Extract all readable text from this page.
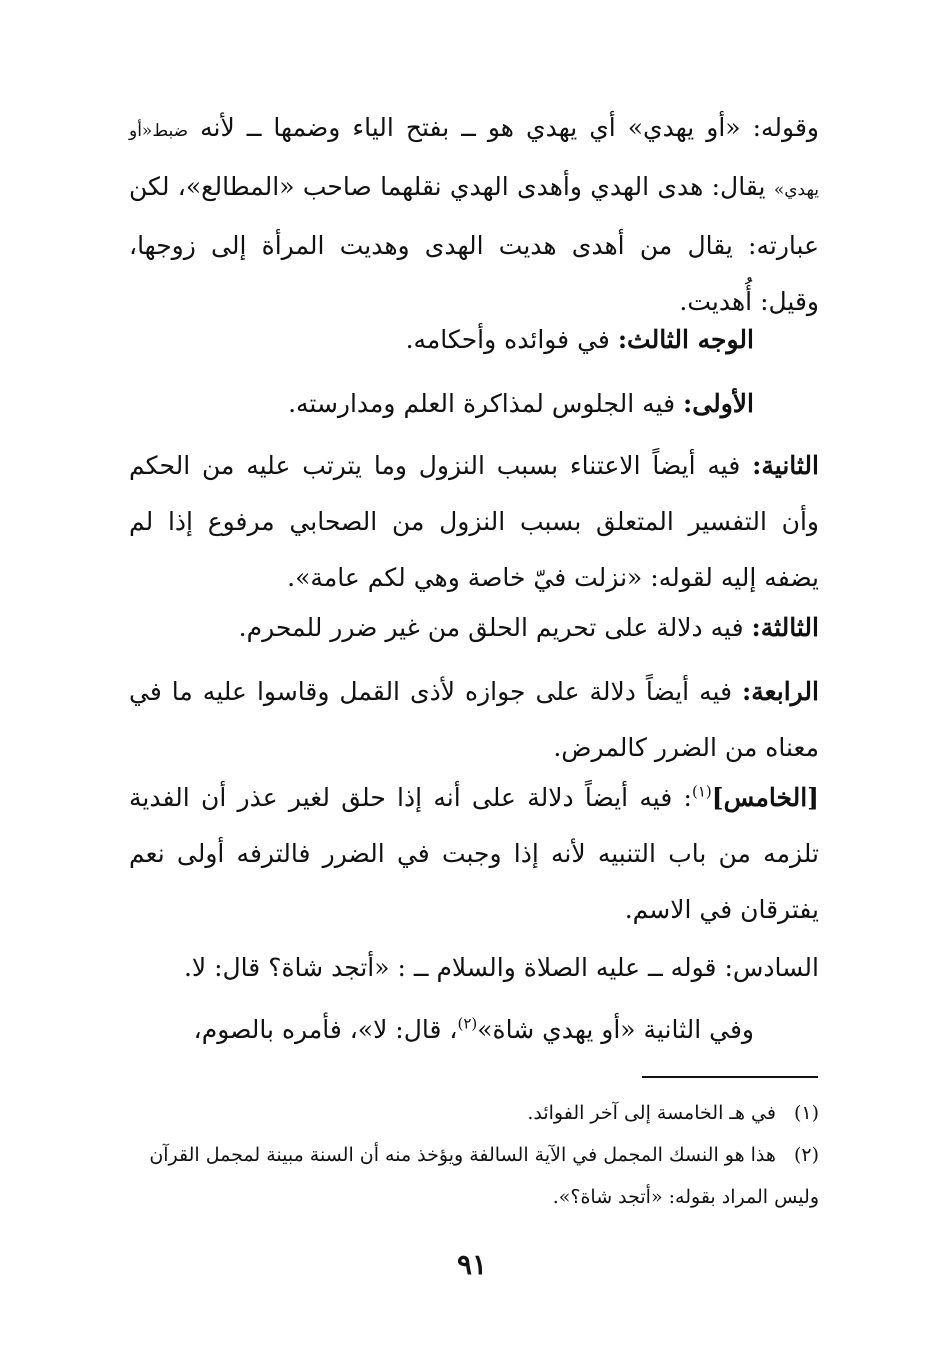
وقوله: «أو يهدي» أي يهدي هو ــ بفتح الياء وضمها ــ لأنه ضبط«أو يهدي» يقال: هدى الهدي وأهدى الهدي نقلهما صاحب «المطالع»، لكن عبارته: يقال من أهدى هديت الهدى وهديت المرأة إلى زوجها، وقيل: أُهديت.

الوجه الثالث: في فوائده وأحكامه.

الأولى: فيه الجلوس لمذاكرة العلم ومدارسته.

الثانية: فيه أيضاً الاعتناء بسبب النزول وما يترتب عليه من الحكم وأن التفسير المتعلق بسبب النزول من الصحابي مرفوع إذا لم يضفه إليه لقوله: «نزلت فيّ خاصة وهي لكم عامة».

الثالثة: فيه دلالة على تحريم الحلق من غير ضرر للمحرم.

الرابعة: فيه أيضاً دلالة على جوازه لأذى القمل وقاسوا عليه ما في معناه من الضرر كالمرض.

[الخامس]$^{(١)}$: فيه أيضاً دلالة على أنه إذا حلق لغير عذر أن الفدية تلزمه من باب التنبيه لأنه إذا وجبت في الضرر فالترفه أولى نعم يفترقان في الاسم.

السادس: قوله ــ عليه الصلاة والسلام ــ : «أتجد شاة؟ قال: لا.

وفي الثانية «أو يهدي شاة»$^{(٢)}$، قال: لا»، فأمره بالصوم،

(١)في هـ الخامسة إلى آخر الفوائد.

(٢)هذا هو النسك المجمل في الآية السالفة ويؤخذ منه أن السنة مبينة لمجمل القرآن وليس المراد بقوله: «أتجد شاة؟».

٩١
